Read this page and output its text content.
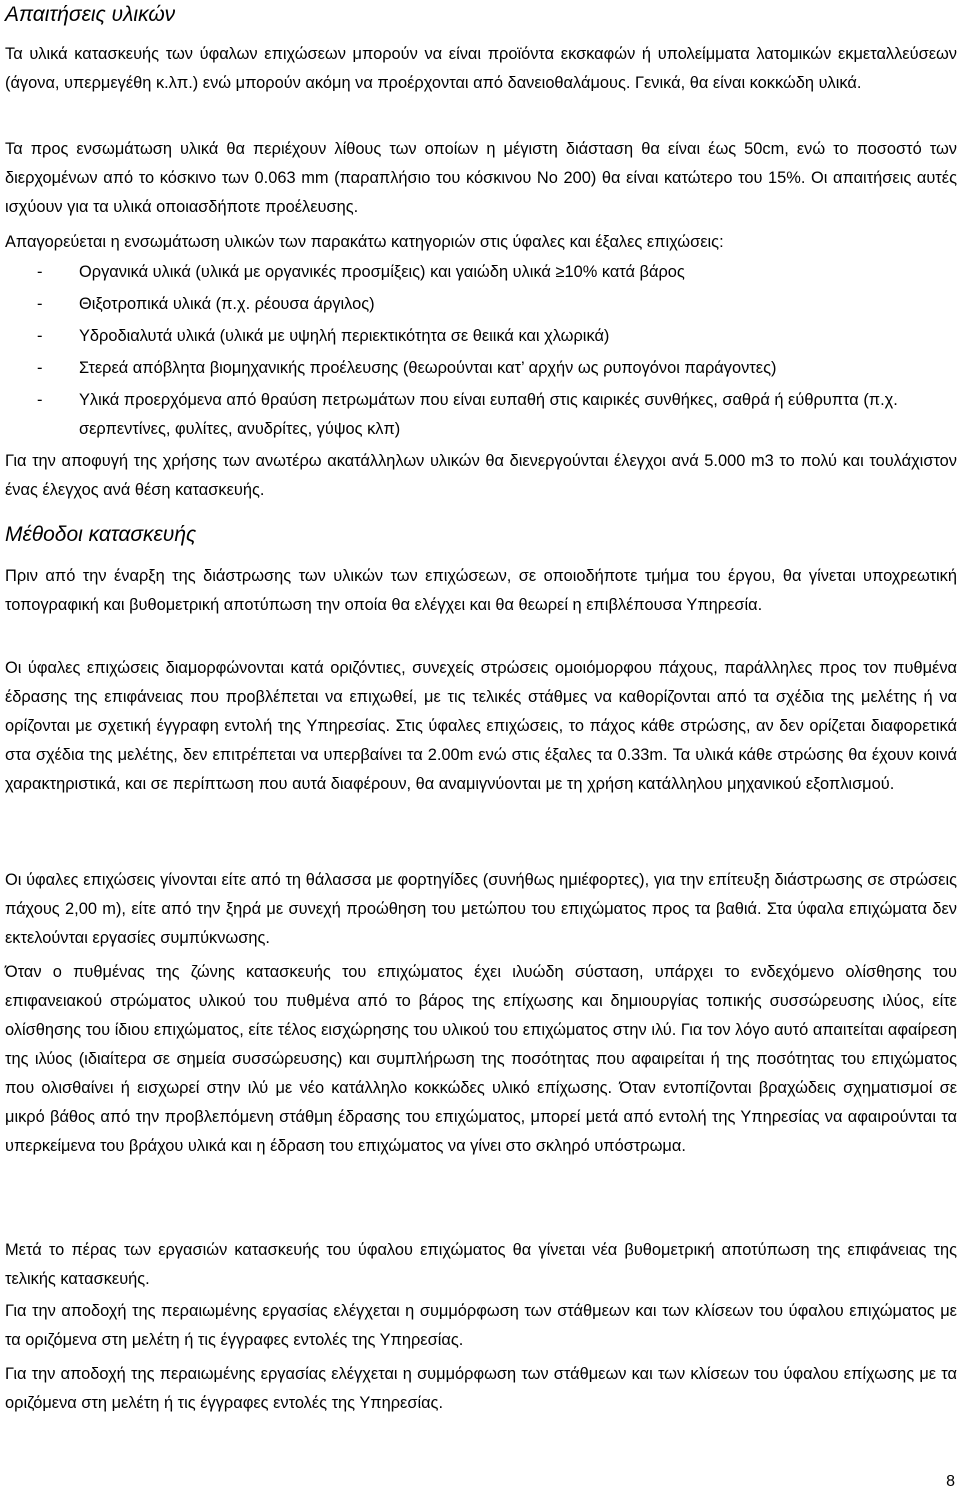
Απαιτήσεις υλικών

Τα υλικά κατασκευής των ύφαλων επιχώσεων μπορούν να είναι προϊόντα εκσκαφών ή υπολείμματα λατομικών εκμεταλλεύσεων (άγονα, υπερμεγέθη κ.λπ.) ενώ μπορούν ακόμη να προέρχονται από δανειοθαλάμους. Γενικά, θα είναι κοκκώδη υλικά.

Τα προς ενσωμάτωση υλικά θα περιέχουν λίθους των οποίων η μέγιστη διάσταση θα είναι έως 50cm, ενώ το ποσοστό των διερχομένων από το κόσκινο των 0.063 mm (παραπλήσιο του κόσκινου Νο 200) θα είναι κατώτερο του 15%. Οι απαιτήσεις αυτές ισχύουν για τα υλικά οποιασδήποτε προέλευσης.

Απαγορεύεται η ενσωμάτωση υλικών των παρακάτω κατηγοριών στις ύφαλες και έξαλες επιχώσεις:

- Οργανικά υλικά (υλικά με οργανικές προσμίξεις) και γαιώδη υλικά ≥10% κατά βάρος
- Θιξοτροπικά υλικά (π.χ. ρέουσα άργιλος)
- Υδροδιαλυτά υλικά (υλικά με υψηλή περιεκτικότητα σε θειικά και χλωρικά)
- Στερεά απόβλητα βιομηχανικής προέλευσης (θεωρούνται κατ’ αρχήν ως ρυπογόνοι παράγοντες)
- Υλικά προερχόμενα από θραύση πετρωμάτων που είναι ευπαθή στις καιρικές συνθήκες, σαθρά ή εύθρυπτα (π.χ. σερπεντίνες, φυλίτες, ανυδρίτες, γύψος κλπ)

Για την αποφυγή της χρήσης των ανωτέρω ακατάλληλων υλικών θα διενεργούνται έλεγχοι ανά 5.000 m3 το πολύ και τουλάχιστον ένας έλεγχος ανά θέση κατασκευής.

Μέθοδοι κατασκευής

Πριν από την έναρξη της διάστρωσης των υλικών των επιχώσεων, σε οποιοδήποτε τμήμα του έργου, θα γίνεται υποχρεωτική τοπογραφική και βυθομετρική αποτύπωση την οποία θα ελέγχει και θα θεωρεί η επιβλέπουσα Υπηρεσία.

Οι ύφαλες επιχώσεις διαμορφώνονται κατά οριζόντιες, συνεχείς στρώσεις ομοιόμορφου πάχους, παράλληλες προς τον πυθμένα έδρασης της επιφάνειας που προβλέπεται να επιχωθεί, με τις τελικές στάθμες να καθορίζονται από τα σχέδια της μελέτης ή να ορίζονται με σχετική έγγραφη εντολή της Υπηρεσίας. Στις ύφαλες επιχώσεις, το πάχος κάθε στρώσης, αν δεν ορίζεται διαφορετικά στα σχέδια της μελέτης, δεν επιτρέπεται να υπερβαίνει τα 2.00m ενώ στις έξαλες τα 0.33m. Τα υλικά κάθε στρώσης θα έχουν κοινά χαρακτηριστικά, και σε περίπτωση που αυτά διαφέρουν, θα αναμιγνύονται με τη χρήση κατάλληλου μηχανικού εξοπλισμού.

Οι ύφαλες επιχώσεις γίνονται είτε από τη θάλασσα με φορτηγίδες (συνήθως ημιέφορτες), για την επίτευξη διάστρωσης σε στρώσεις πάχους 2,00 m), είτε από την ξηρά με συνεχή προώθηση του μετώπου του επιχώματος προς τα βαθιά. Στα ύφαλα επιχώματα δεν εκτελούνται εργασίες συμπύκνωσης.

Όταν ο πυθμένας της ζώνης κατασκευής του επιχώματος έχει ιλυώδη σύσταση, υπάρχει το ενδεχόμενο ολίσθησης του επιφανειακού στρώματος υλικού του πυθμένα από το βάρος της επίχωσης και δημιουργίας τοπικής συσσώρευσης ιλύος, είτε ολίσθησης του ίδιου επιχώματος, είτε τέλος εισχώρησης του υλικού του επιχώματος στην ιλύ. Για τον λόγο αυτό απαιτείται αφαίρεση της ιλύος (ιδιαίτερα σε σημεία συσσώρευσης) και συμπλήρωση της ποσότητας που αφαιρείται ή της ποσότητας του επιχώματος που ολισθαίνει ή εισχωρεί στην ιλύ με νέο κατάλληλο κοκκώδες υλικό επίχωσης. Όταν εντοπίζονται βραχώδεις σχηματισμοί σε μικρό βάθος από την προβλεπόμενη στάθμη έδρασης του επιχώματος, μπορεί μετά από εντολή της Υπηρεσίας να αφαιρούνται τα υπερκείμενα του βράχου υλικά και η έδραση του επιχώματος να γίνει στο σκληρό υπόστρωμα.

Μετά το πέρας των εργασιών κατασκευής του ύφαλου επιχώματος θα γίνεται νέα βυθομετρική αποτύπωση της επιφάνειας της τελικής κατασκευής.

Για την αποδοχή της περαιωμένης εργασίας ελέγχεται η συμμόρφωση των στάθμεων και των κλίσεων του ύφαλου επιχώματος με τα οριζόμενα στη μελέτη ή τις έγγραφες εντολές της Υπηρεσίας.

Για την αποδοχή της περαιωμένης εργασίας ελέγχεται η συμμόρφωση των στάθμεων και των κλίσεων του ύφαλου επίχωσης με τα οριζόμενα στη μελέτη ή τις έγγραφες εντολές της Υπηρεσίας.

8
